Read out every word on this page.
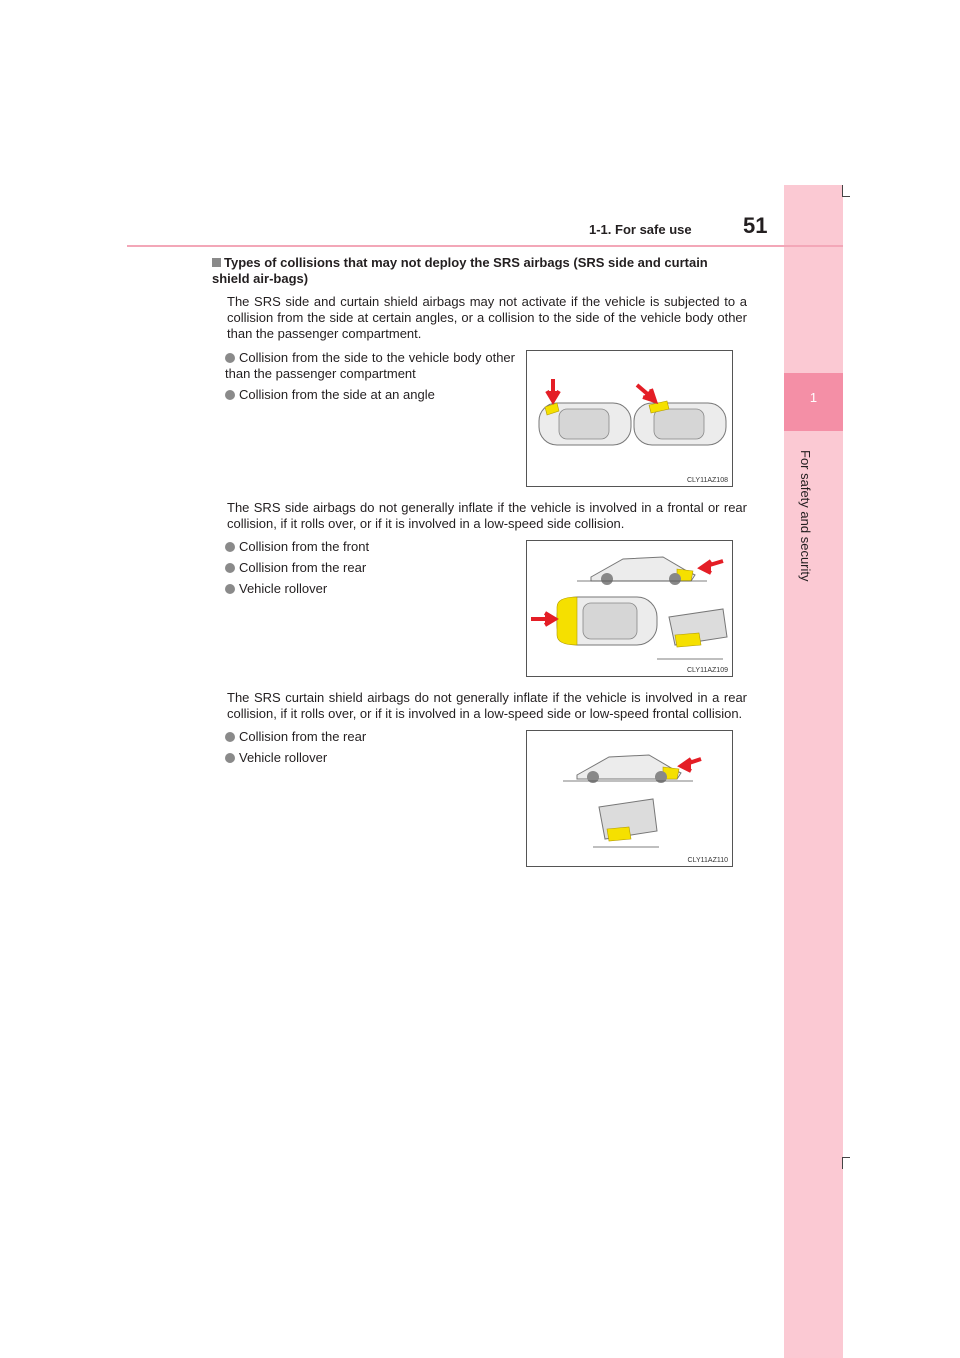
1
For safety and security
1-1. For safe use 51
Types of collisions that may not deploy the SRS airbags (SRS side and curtain shield air-bags)
The SRS side and curtain shield airbags may not activate if the vehicle is subjected to a collision from the side at certain angles, or a collision to the side of the vehicle body other than the passenger compartment.
Collision from the side to the vehicle body other than the passenger compartment
Collision from the side at an angle
CLY11AZ108
The SRS side airbags do not generally inflate if the vehicle is involved in a frontal or rear collision, if it rolls over, or if it is involved in a low-speed side collision.
Collision from the front
Collision from the rear
Vehicle rollover
CLY11AZ109
The SRS curtain shield airbags do not generally inflate if the vehicle is involved in a rear collision, if it rolls over, or if it is involved in a low-speed side or low-speed frontal collision.
Collision from the rear
Vehicle rollover
CLY11AZ110
